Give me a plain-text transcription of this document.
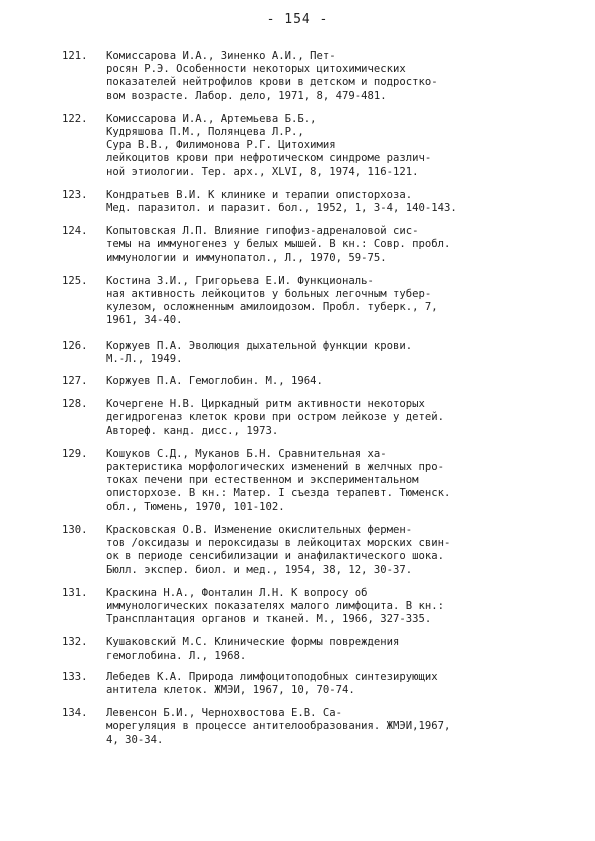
- 154 -
121. Комиссарова И.А., Зиненко А.И., Пет-
росян Р.Э. Особенности некоторых цитохимических
показателей нейтрофилов крови в детском и подростко-
вом возрасте. Лабор. дело, 1971, 8, 479-481.
122. Комиссарова И.А., Артемьева Б.Б.,
Кудряшова П.М., Полянцева Л.Р.,
Сура В.В., Филимонова Р.Г. Цитохимия
лейкоцитов крови при нефротическом синдроме различ-
ной этиологии. Тер. арх., XLVI, 8, 1974, 116-121.
123. Кондратьев В.И. К клинике и терапии описторхоза.
Мед. паразитол. и паразит. бол., 1952, 1, 3-4, 140-143.
124. Копытовская Л.П. Влияние гипофиз-адреналовой сис-
темы на иммуногенез у белых мышей. В кн.: Совр. пробл.
иммунологии и иммунопатол., Л., 1970, 59-75.
125. Костина З.И., Григорьева Е.И. Функциональ-
ная активность лейкоцитов у больных легочным тубер-
кулезом, осложненным амилоидозом. Пробл. туберк., 7,
1961, 34-40.
126. Коржуев П.А. Эволюция дыхательной функции крови.
М.-Л., 1949.
127. Коржуев П.А. Гемоглобин. М., 1964.
128. Кочергене Н.В. Циркадный ритм активности некоторых
дегидрогеназ клеток крови при остром лейкозе у детей.
Автореф. канд. дисс., 1973.
129. Кошуков С.Д., Муканов Б.Н. Сравнительная ха-
рактеристика морфологических изменений в желчных про-
токах печени при естественном и экспериментальном
описторхозе. В кн.: Матер. I съезда терапевт. Тюменск.
обл., Тюмень, 1970, 101-102.
130. Красковская О.В. Изменение окислительных фермен-
тов /оксидазы и пероксидазы в лейкоцитах морских свин-
ок в периоде сенсибилизации и анафилактического шока.
Бюлл. экспер. биол. и мед., 1954, 38, 12, 30-37.
131. Краскина Н.А., Фонталин Л.Н. К вопросу об
иммунологических показателях малого лимфоцита. В кн.:
Трансплантация органов и тканей. М., 1966, 327-335.
132. Кушаковский М.С. Клинические формы повреждения
гемоглобина. Л., 1968.
133. Лебедев К.А. Природа лимфоцитоподобных синтезирующих
антитела клеток. ЖМЭИ, 1967, 10, 70-74.
134. Левенсон Б.И., Чернохвостова Е.В. Са-
морегуляция в процессе антителообразования. ЖМЭИ,1967,
4, 30-34.
